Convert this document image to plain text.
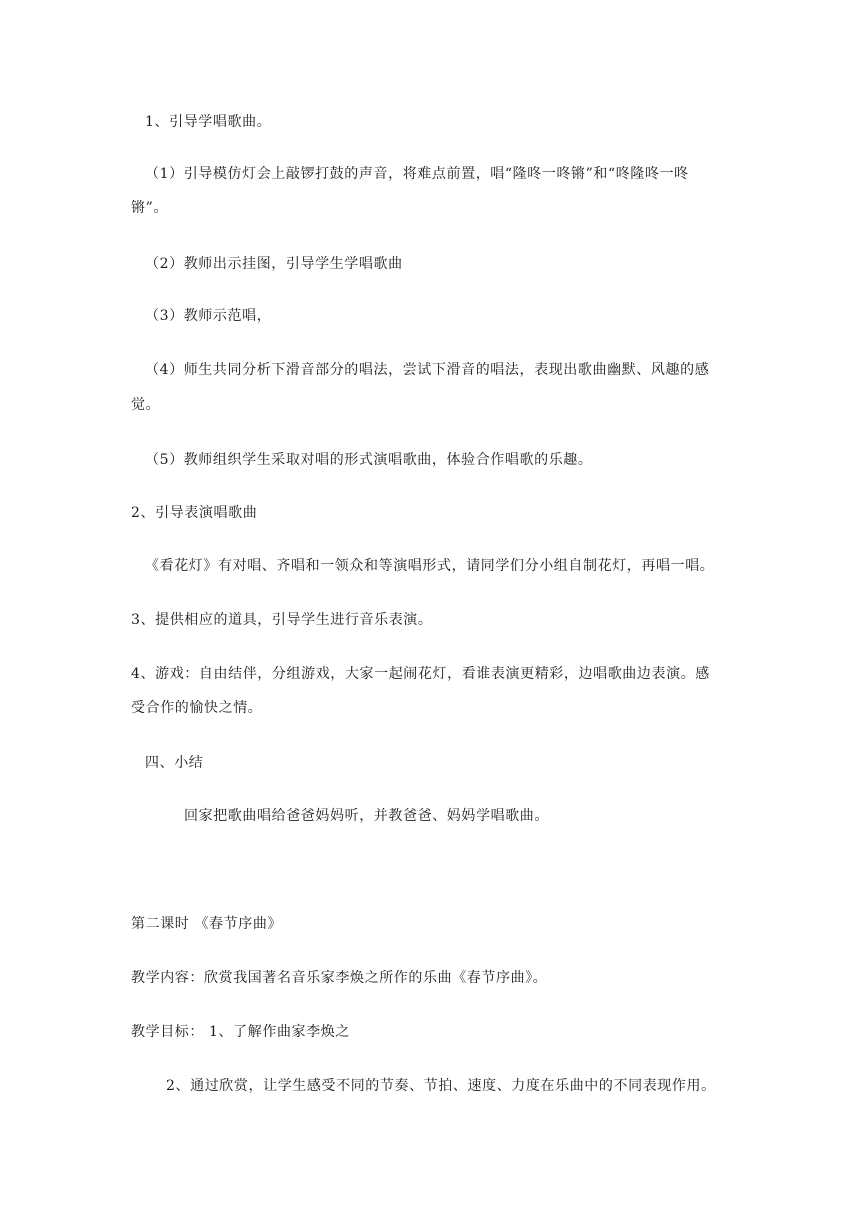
1、引导学唱歌曲。
（1）引导模仿灯会上敲锣打鼓的声音，将难点前置，唱“隆咚一咚锵”和“咚隆咚一咚
锵”。
（2）教师出示挂图，引导学生学唱歌曲
（3）教师示范唱，
（4）师生共同分析下滑音部分的唱法，尝试下滑音的唱法，表现出歌曲幽默、风趣的感
觉。
（5）教师组织学生采取对唱的形式演唱歌曲，体验合作唱歌的乐趣。
2、引导表演唱歌曲
《看花灯》有对唱、齐唱和一领众和等演唱形式，请同学们分小组自制花灯，再唱一唱。
3、提供相应的道具，引导学生进行音乐表演。
4、游戏：自由结伴，分组游戏，大家一起闹花灯，看谁表演更精彩，边唱歌曲边表演。感
受合作的愉快之情。
四、小结
回家把歌曲唱给爸爸妈妈听，并教爸爸、妈妈学唱歌曲。
第二课时 《春节序曲》
教学内容：欣赏我国著名音乐家李焕之所作的乐曲《春节序曲》。
教学目标： 1、了解作曲家李焕之
2、通过欣赏，让学生感受不同的节奏、节拍、速度、力度在乐曲中的不同表现作用。
